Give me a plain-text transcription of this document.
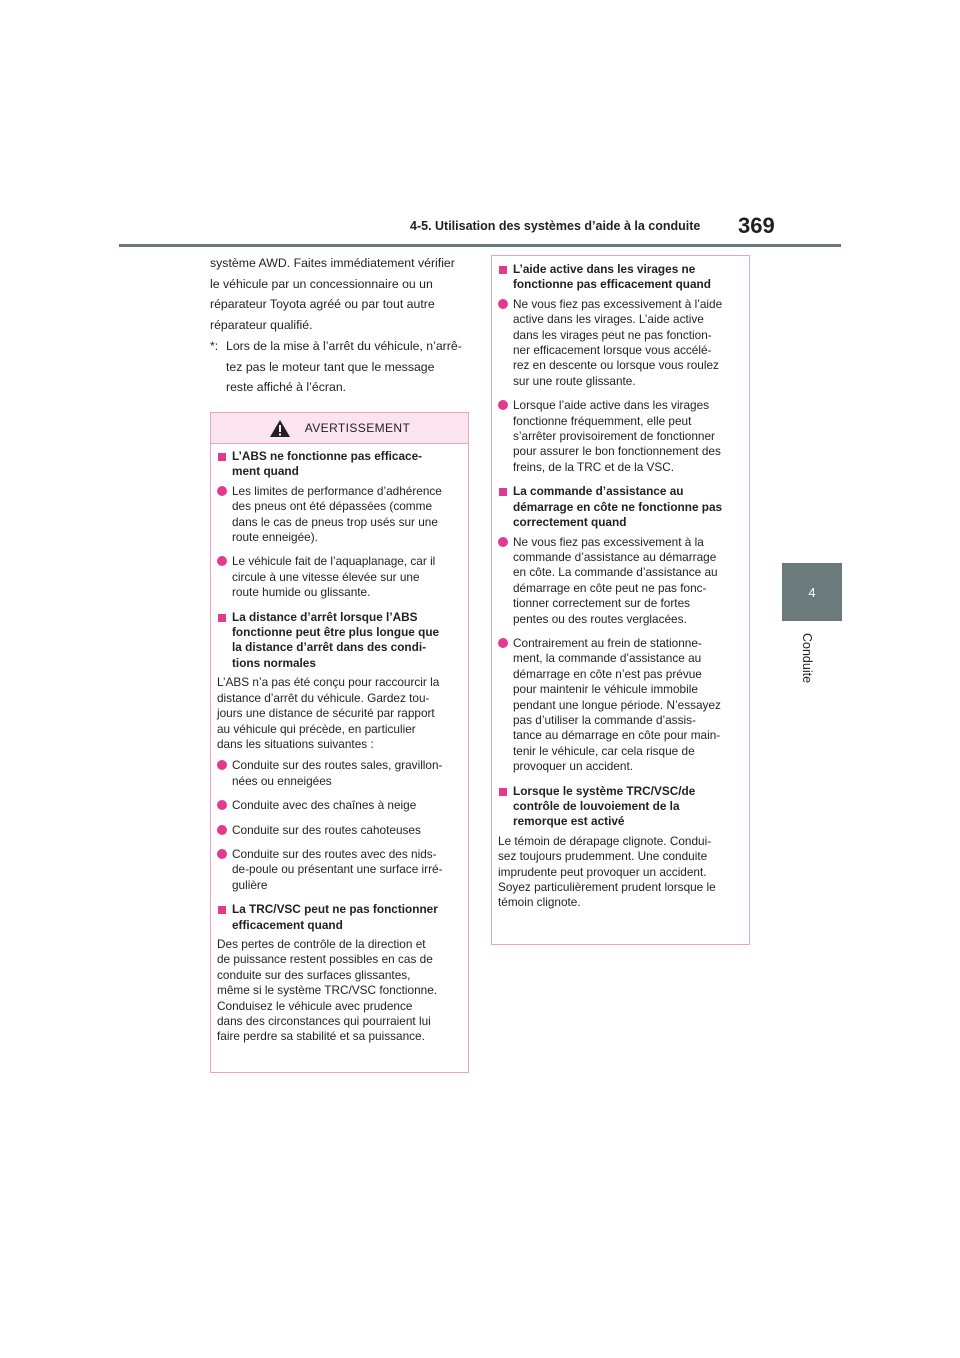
4-5. Utilisation des systèmes d’aide à la conduite 369
4
Conduite

système AWD. Faites immédiatement vérifier

le véhicule par un concessionnaire ou un

réparateur Toyota agréé ou par tout autre

réparateur qualifié.

*: Lors de la mise à l’arrêt du véhicule, n’arrê-

tez pas le moteur tant que le message

reste affiché à l’écran.

AVERTISSEMENT
L’ABS ne fonctionne pas efficace-
ment quand
Les limites de performance d’adhérence
des pneus ont été dépassées (comme
dans le cas de pneus trop usés sur une
route enneigée).
Le véhicule fait de l’aquaplanage, car il
circule à une vitesse élevée sur une
route humide ou glissante.
La distance d’arrêt lorsque l’ABS
fonctionne peut être plus longue que
la distance d’arrêt dans des condi-
tions normales

L’ABS n’a pas été conçu pour raccourcir la
distance d’arrêt du véhicule. Gardez tou-
jours une distance de sécurité par rapport
au véhicule qui précède, en particulier
dans les situations suivantes :

Conduite sur des routes sales, gravillon-
nées ou enneigées
Conduite avec des chaînes à neige
Conduite sur des routes cahoteuses
Conduite sur des routes avec des nids-
de-poule ou présentant une surface irré-
gulière
La TRC/VSC peut ne pas fonctionner
efficacement quand

Des pertes de contrôle de la direction et
de puissance restent possibles en cas de
conduite sur des surfaces glissantes,
même si le système TRC/VSC fonctionne.
Conduisez le véhicule avec prudence
dans des circonstances qui pourraient lui
faire perdre sa stabilité et sa puissance.

L’aide active dans les virages ne
fonctionne pas efficacement quand
Ne vous fiez pas excessivement à l’aide
active dans les virages. L’aide active
dans les virages peut ne pas fonction-
ner efficacement lorsque vous accélé-
rez en descente ou lorsque vous roulez
sur une route glissante.
Lorsque l’aide active dans les virages
fonctionne fréquemment, elle peut
s’arrêter provisoirement de fonctionner
pour assurer le bon fonctionnement des
freins, de la TRC et de la VSC.
La commande d’assistance au
démarrage en côte ne fonctionne pas
correctement quand
Ne vous fiez pas excessivement à la
commande d’assistance au démarrage
en côte. La commande d’assistance au
démarrage en côte peut ne pas fonc-
tionner correctement sur de fortes
pentes ou des routes verglacées.
Contrairement au frein de stationne-
ment, la commande d’assistance au
démarrage en côte n’est pas prévue
pour maintenir le véhicule immobile
pendant une longue période. N’essayez
pas d’utiliser la commande d’assis-
tance au démarrage en côte pour main-
tenir le véhicule, car cela risque de
provoquer un accident.
Lorsque le système TRC/VSC/de
contrôle de louvoiement de la
remorque est activé

Le témoin de dérapage clignote. Condui-
sez toujours prudemment. Une conduite
imprudente peut provoquer un accident.
Soyez particulièrement prudent lorsque le
témoin clignote.
